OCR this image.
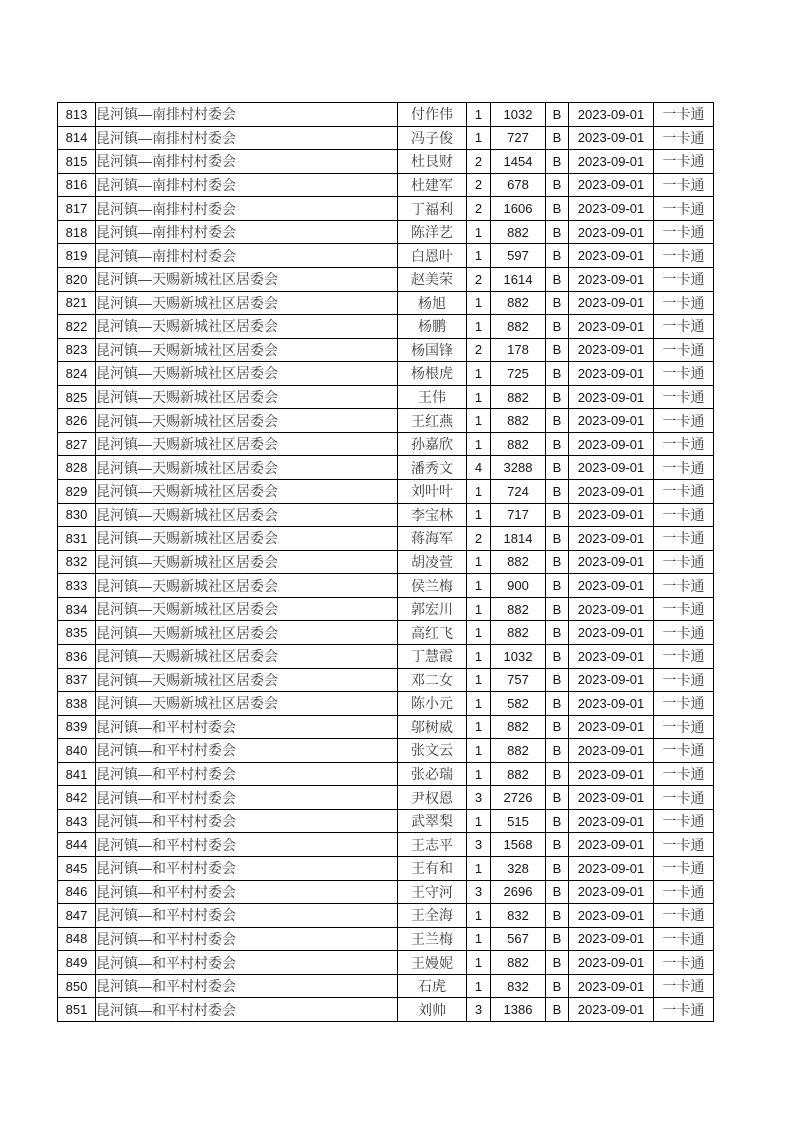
813	昆河镇—南排村村委会	付作伟	1	1032	B	2023-09-01	一卡通
814	昆河镇—南排村村委会	冯子俊	1	727	B	2023-09-01	一卡通
815	昆河镇—南排村村委会	杜艮财	2	1454	B	2023-09-01	一卡通
816	昆河镇—南排村村委会	杜建军	2	678	B	2023-09-01	一卡通
817	昆河镇—南排村村委会	丁福利	2	1606	B	2023-09-01	一卡通
818	昆河镇—南排村村委会	陈洋艺	1	882	B	2023-09-01	一卡通
819	昆河镇—南排村村委会	白恩叶	1	597	B	2023-09-01	一卡通
820	昆河镇—天赐新城社区居委会	赵美荣	2	1614	B	2023-09-01	一卡通
821	昆河镇—天赐新城社区居委会	杨旭	1	882	B	2023-09-01	一卡通
822	昆河镇—天赐新城社区居委会	杨鹏	1	882	B	2023-09-01	一卡通
823	昆河镇—天赐新城社区居委会	杨国锋	2	178	B	2023-09-01	一卡通
824	昆河镇—天赐新城社区居委会	杨根虎	1	725	B	2023-09-01	一卡通
825	昆河镇—天赐新城社区居委会	王伟	1	882	B	2023-09-01	一卡通
826	昆河镇—天赐新城社区居委会	王红燕	1	882	B	2023-09-01	一卡通
827	昆河镇—天赐新城社区居委会	孙嘉欣	1	882	B	2023-09-01	一卡通
828	昆河镇—天赐新城社区居委会	潘秀文	4	3288	B	2023-09-01	一卡通
829	昆河镇—天赐新城社区居委会	刘叶叶	1	724	B	2023-09-01	一卡通
830	昆河镇—天赐新城社区居委会	李宝林	1	717	B	2023-09-01	一卡通
831	昆河镇—天赐新城社区居委会	蒋海军	2	1814	B	2023-09-01	一卡通
832	昆河镇—天赐新城社区居委会	胡凌萱	1	882	B	2023-09-01	一卡通
833	昆河镇—天赐新城社区居委会	侯兰梅	1	900	B	2023-09-01	一卡通
834	昆河镇—天赐新城社区居委会	郭宏川	1	882	B	2023-09-01	一卡通
835	昆河镇—天赐新城社区居委会	高红飞	1	882	B	2023-09-01	一卡通
836	昆河镇—天赐新城社区居委会	丁慧霞	1	1032	B	2023-09-01	一卡通
837	昆河镇—天赐新城社区居委会	邓二女	1	757	B	2023-09-01	一卡通
838	昆河镇—天赐新城社区居委会	陈小元	1	582	B	2023-09-01	一卡通
839	昆河镇—和平村村委会	邬树威	1	882	B	2023-09-01	一卡通
840	昆河镇—和平村村委会	张文云	1	882	B	2023-09-01	一卡通
841	昆河镇—和平村村委会	张必瑞	1	882	B	2023-09-01	一卡通
842	昆河镇—和平村村委会	尹权恩	3	2726	B	2023-09-01	一卡通
843	昆河镇—和平村村委会	武翠梨	1	515	B	2023-09-01	一卡通
844	昆河镇—和平村村委会	王志平	3	1568	B	2023-09-01	一卡通
845	昆河镇—和平村村委会	王有和	1	328	B	2023-09-01	一卡通
846	昆河镇—和平村村委会	王守河	3	2696	B	2023-09-01	一卡通
847	昆河镇—和平村村委会	王全海	1	832	B	2023-09-01	一卡通
848	昆河镇—和平村村委会	王兰梅	1	567	B	2023-09-01	一卡通
849	昆河镇—和平村村委会	王嫚妮	1	882	B	2023-09-01	一卡通
850	昆河镇—和平村村委会	石虎	1	832	B	2023-09-01	一卡通
851	昆河镇—和平村村委会	刘帅	3	1386	B	2023-09-01	一卡通
